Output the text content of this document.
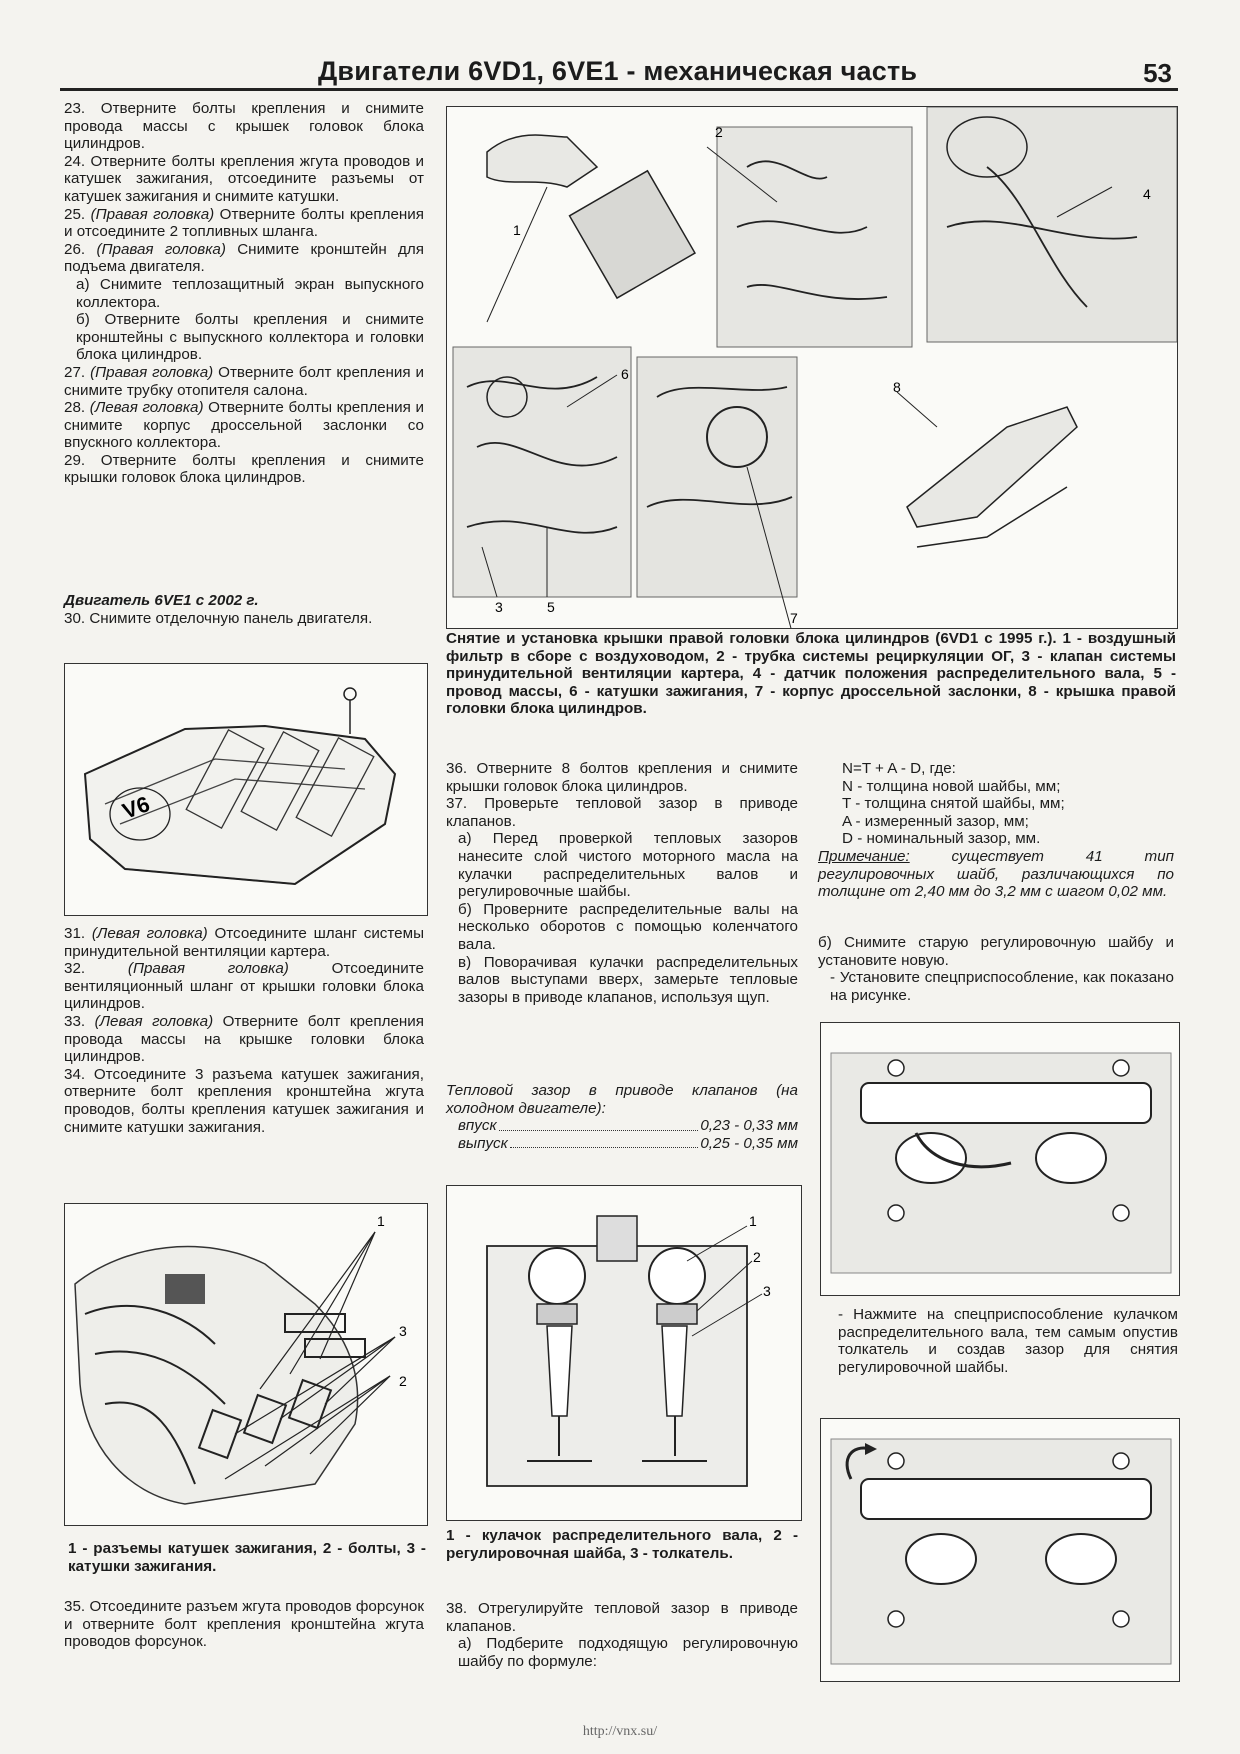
Двигатели 6VD1, 6VE1 - механическая часть	53

23. Отверните болты крепления и снимите провода массы с крышек головок блока цилиндров.

24. Отверните болты крепления жгута проводов и катушек зажигания, отсоедините разъемы от катушек зажигания и снимите катушки.

25. (Правая головка) Отверните болты крепления и отсоедините 2 топливных шланга.

26. (Правая головка) Снимите кронштейн для подъема двигателя.

а) Снимите теплозащитный экран выпускного коллектора.

б) Отверните болты крепления и снимите кронштейны с выпускного коллектора и головки блока цилиндров.

27. (Правая головка) Отверните болт крепления и снимите трубку отопителя салона.

28. (Левая головка) Отверните болты крепления и снимите корпус дроссельной заслонки со впускного коллектора.

29. Отверните болты крепления и снимите крышки головок блока цилиндров.

Двигатель 6VE1 с 2002 г.

30. Снимите отделочную панель двигателя.

V6

31. (Левая головка) Отсоедините шланг системы принудительной вентиляции картера.

32. (Правая головка) Отсоедините вентиляционный шланг от крышки головки блока цилиндров.

33. (Левая головка) Отверните болт крепления провода массы на крышке головки блока цилиндров.

34. Отсоедините 3 разъема катушек зажигания, отверните болт крепления кронштейна жгута проводов, болты крепления катушек зажигания и снимите катушки зажигания.

1
3
2
1 - разъемы катушек зажигания, 2 - болты, 3 - катушки зажигания.

35. Отсоедините разъем жгута проводов форсунок и отверните болт крепления кронштейна жгута проводов форсунок.

1
2
4
6
8
3	5
7
Снятие и установка крышки правой головки блока цилиндров (6VD1 с 1995 г.). 1 - воздушный фильтр в сборе с воздуховодом, 2 - трубка системы рециркуляции ОГ, 3 - клапан системы принудительной вентиляции картера, 4 - датчик положения распределительного вала, 5 - провод массы, 6 - катушки зажигания, 7 - корпус дроссельной заслонки, 8 - крышка правой головки блока цилиндров.

36. Отверните 8 болтов крепления и снимите крышки головок блока цилиндров.

37. Проверьте тепловой зазор в приводе клапанов.

а) Перед проверкой тепловых зазоров нанесите слой чистого моторного масла на кулачки распределительных валов и регулировочные шайбы.

б) Проверните распределительные валы на несколько оборотов с помощью коленчатого вала.

в) Поворачивая кулачки распределительных валов выступами вверх, замерьте тепловые зазоры в приводе клапанов, используя щуп.

Тепловой зазор в приводе клапанов (на холодном двигателе):

впуск	0,23 - 0,33 мм
выпуск	0,25 - 0,35 мм
1
2
3
1 - кулачок распределительного вала, 2 - регулировочная шайба, 3 - толкатель.

38. Отрегулируйте тепловой зазор в приводе клапанов.

а) Подберите подходящую регулировочную шайбу по формуле:

N=T + A - D, где:

N - толщина новой шайбы, мм;

T - толщина снятой шайбы, мм;

A - измеренный зазор, мм;

D - номинальный зазор, мм.

Примечание: существует 41 тип регулировочных шайб, различающихся по толщине от 2,40 мм до 3,2 мм с шагом 0,02 мм.

б) Снимите старую регулировочную шайбу и установите новую.

- Установите спецприспособление, как показано на рисунке.

- Нажмите на спецприспособление кулачком распределительного вала, тем самым опустив толкатель и создав зазор для снятия регулировочной шайбы.

http://vnx.su/
